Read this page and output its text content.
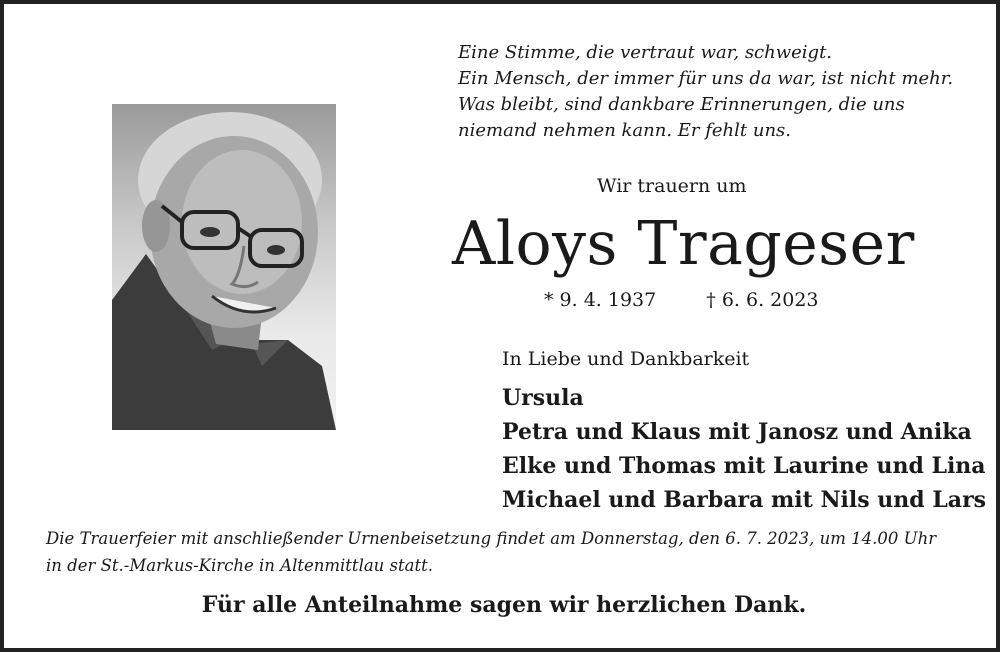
Eine Stimme, die vertraut war, schweigt.
Ein Mensch, der immer für uns da war, ist nicht mehr.
Was bleibt, sind dankbare Erinnerungen, die uns
niemand nehmen kann. Er fehlt uns.
Wir trauern um
Aloys Trageser
* 9. 4. 1937	† 6. 6. 2023
In Liebe und Dankbarkeit
Ursula
Petra und Klaus mit Janosz und Anika
Elke und Thomas mit Laurine und Lina
Michael und Barbara mit Nils und Lars
Die Trauerfeier mit anschließender Urnenbeisetzung findet am Donnerstag, den 6. 7. 2023, um 14.00 Uhr
in der St.-Markus-Kirche in Altenmittlau statt.
Für alle Anteilnahme sagen wir herzlichen Dank.
